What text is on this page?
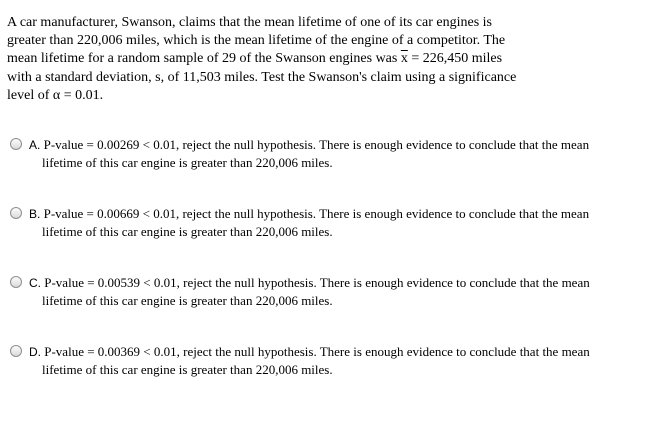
A car manufacturer, Swanson, claims that the mean lifetime of one of its car engines is

greater than 220,006 miles, which is the mean lifetime of the engine of a competitor. The

mean lifetime for a random sample of 29 of the Swanson engines was $\overline{x} = 226,450$ miles

with a standard deviation, s, of 11,503 miles. Test the Swanson's claim using a significance

level of α = 0.01.

A. P-value = 0.00269 < 0.01, reject the null hypothesis. There is enough evidence to conclude that the mean
lifetime of this car engine is greater than 220,006 miles.
B. P-value = 0.00669 < 0.01, reject the null hypothesis. There is enough evidence to conclude that the mean
lifetime of this car engine is greater than 220,006 miles.
C. P-value = 0.00539 < 0.01, reject the null hypothesis. There is enough evidence to conclude that the mean
lifetime of this car engine is greater than 220,006 miles.
D. P-value = 0.00369 < 0.01, reject the null hypothesis. There is enough evidence to conclude that the mean
lifetime of this car engine is greater than 220,006 miles.
